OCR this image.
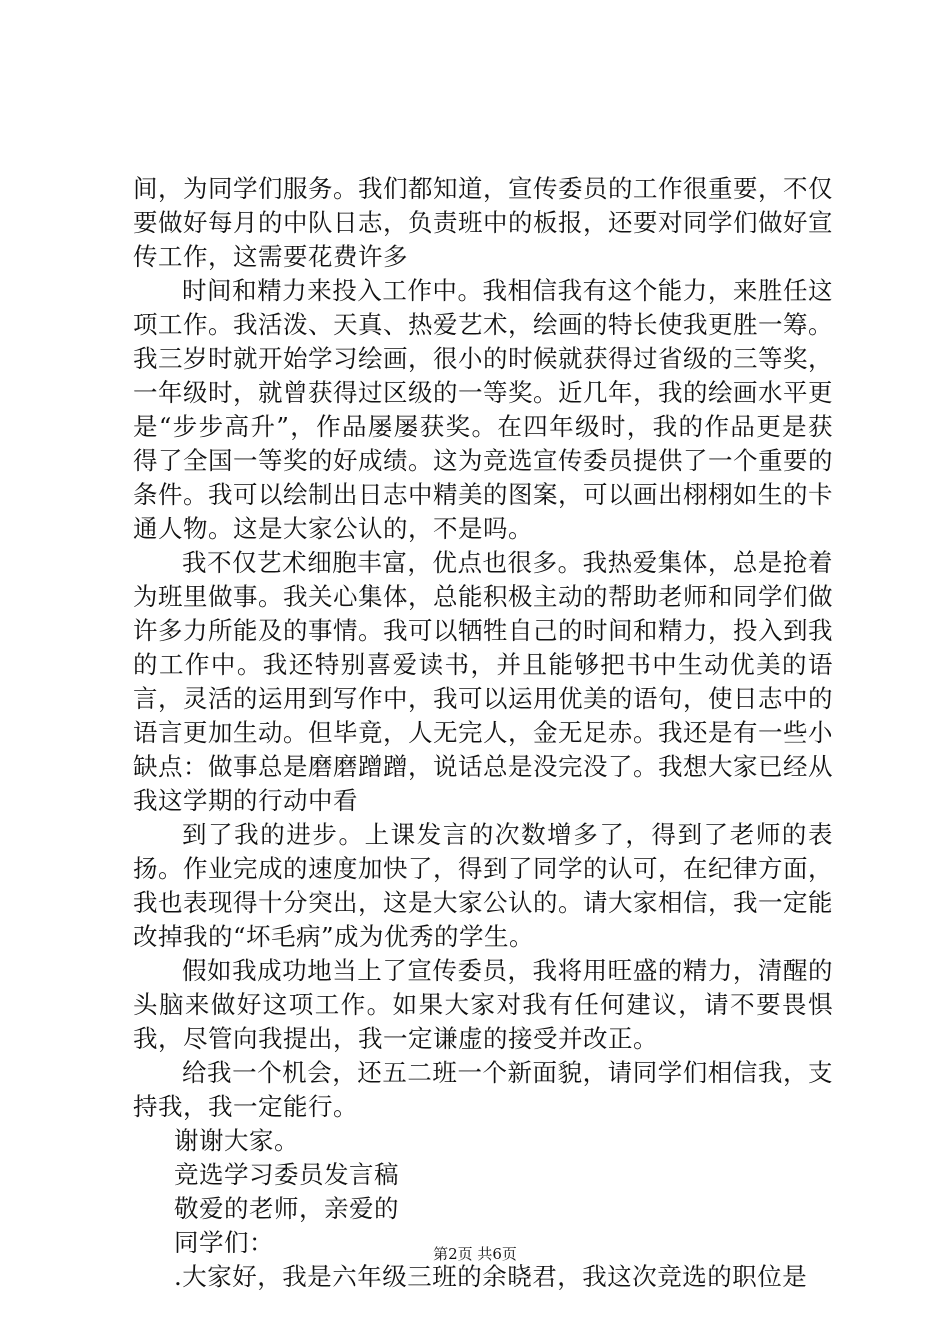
间，为同学们服务。我们都知道，宣传委员的工作很重要，不仅要做好每月的中队日志，负责班中的板报，还要对同学们做好宣传工作，这需要花费许多

时间和精力来投入工作中。我相信我有这个能力，来胜任这项工作。我活泼、天真、热爱艺术，绘画的特长使我更胜一筹。我三岁时就开始学习绘画，很小的时候就获得过省级的三等奖，一年级时，就曾获得过区级的一等奖。近几年，我的绘画水平更是“步步高升”，作品屡屡获奖。在四年级时，我的作品更是获得了全国一等奖的好成绩。这为竞选宣传委员提供了一个重要的条件。我可以绘制出日志中精美的图案，可以画出栩栩如生的卡通人物。这是大家公认的，不是吗。

我不仅艺术细胞丰富，优点也很多。我热爱集体，总是抢着为班里做事。我关心集体，总能积极主动的帮助老师和同学们做许多力所能及的事情。我可以牺牲自己的时间和精力，投入到我的工作中。我还特别喜爱读书，并且能够把书中生动优美的语言，灵活的运用到写作中，我可以运用优美的语句，使日志中的语言更加生动。但毕竟，人无完人，金无足赤。我还是有一些小缺点：做事总是磨磨蹭蹭，说话总是没完没了。我想大家已经从我这学期的行动中看

到了我的进步。上课发言的次数增多了，得到了老师的表扬。作业完成的速度加快了，得到了同学的认可，在纪律方面，我也表现得十分突出，这是大家公认的。请大家相信，我一定能改掉我的“坏毛病”成为优秀的学生。

假如我成功地当上了宣传委员，我将用旺盛的精力，清醒的头脑来做好这项工作。如果大家对我有任何建议，请不要畏惧我，尽管向我提出，我一定谦虚的接受并改正。

给我一个机会，还五二班一个新面貌，请同学们相信我，支持我，我一定能行。

谢谢大家。

竞选学习委员发言稿

敬爱的老师，亲爱的

同学们：

.大家好，我是六年级三班的余晓君，我这次竞选的职位是

第2页 共6页
